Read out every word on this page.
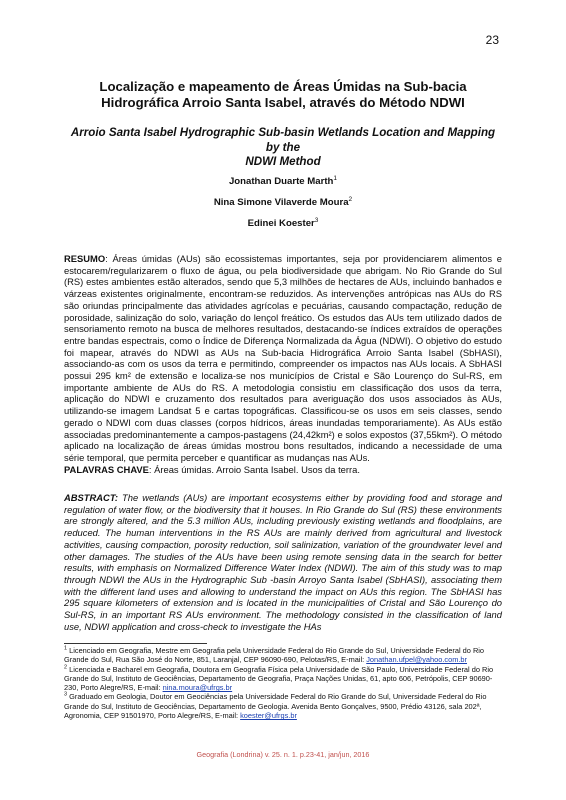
23
Localização e mapeamento de Áreas Úmidas na Sub-bacia
Hidrográfica Arroio Santa Isabel, através do Método NDWI
Arroio Santa Isabel Hydrographic Sub-basin Wetlands Location and Mapping by the
NDWI Method
Jonathan Duarte Marth$^1$
Nina Simone Vilaverde Moura$^2$
Edinei Koester$^3$

RESUMO: Áreas úmidas (AUs) são ecossistemas importantes, seja por providenciarem alimentos e estocarem/regularizarem o fluxo de água, ou pela biodiversidade que abrigam. No Rio Grande do Sul (RS) estes ambientes estão alterados, sendo que 5,3 milhões de hectares de AUs, incluindo banhados e várzeas existentes originalmente, encontram-se reduzidos. As intervenções antrópicas nas AUs do RS são oriundas principalmente das atividades agrícolas e pecuárias, causando compactação, redução de porosidade, salinização do solo, variação do lençol freático. Os estudos das AUs tem utilizado dados de sensoriamento remoto na busca de melhores resultados, destacando-se índices extraídos de operações entre bandas espectrais, como o Índice de Diferença Normalizada da Água (NDWI). O objetivo do estudo foi mapear, através do NDWI as AUs na Sub-bacia Hidrográfica Arroio Santa Isabel (SbHASI), associando-as com os usos da terra e permitindo, compreender os impactos nas AUs locais. A SbHASI possui 295 km² de extensão e localiza-se nos municípios de Cristal e São Lourenço do Sul-RS, em importante ambiente de AUs do RS. A metodologia consistiu em classificação dos usos da terra, aplicação do NDWI e cruzamento dos resultados para averiguação dos usos associados às AUs, utilizando-se imagem Landsat 5 e cartas topográficas. Classificou-se os usos em seis classes, sendo gerado o NDWI com duas classes (corpos hídricos, áreas inundadas temporariamente). As AUs estão associadas predominantemente a campos-pastagens (24,42km²) e solos expostos (37,55km²). O método aplicado na localização de áreas úmidas mostrou bons resultados, indicando a necessidade de uma série temporal, que permita perceber e quantificar as mudanças nas AUs.

PALAVRAS CHAVE: Áreas úmidas. Arroio Santa Isabel. Usos da terra.

ABSTRACT: The wetlands (AUs) are important ecosystems either by providing food and storage and regulation of water flow, or the biodiversity that it houses. In Rio Grande do Sul (RS) these environments are strongly altered, and the 5.3 million AUs, including previously existing wetlands and floodplains, are reduced. The human interventions in the RS AUs are mainly derived from agricultural and livestock activities, causing compaction, porosity reduction, soil salinization, variation of the groundwater level and other damages. The studies of the AUs have been using remote sensing data in the search for better results, with emphasis on Normalized Difference Water Index (NDWI). The aim of this study was to map through NDWI the AUs in the Hydrographic Sub -basin Arroyo Santa Isabel (SbHASI), associating them with the different land uses and allowing to understand the impact on AUs this region. The SbHASI has 295 square kilometers of extension and is located in the municipalities of Cristal and São Lourenço do Sul-RS, in an important RS AUs environment. The methodology consisted in the classification of land use, NDWI application and cross-check to investigate the HAs

$^1$ Licenciado em Geografia, Mestre em Geografia pela Universidade Federal do Rio Grande do Sul, Universidade Federal do Rio Grande do Sul, Rua São José do Norte, 851, Laranjal, CEP 96090-690, Pelotas/RS, E-mail: Jonathan.ufpel@yahoo.com.br

$^2$ Licenciada e Bacharel em Geografia, Doutora em Geografia Física pela Universidade de São Paulo, Universidade Federal do Rio Grande do Sul, Instituto de Geociências, Departamento de Geografia, Praça Nações Unidas, 61, apto 606, Petrópolis, CEP 90690-230, Porto Alegre/RS, E-mail: nina.moura@ufrgs.br

$^3$ Graduado em Geologia, Doutor em Geociências pela Universidade Federal do Rio Grande do Sul, Universidade Federal do Rio Grande do Sul, Instituto de Geociências, Departamento de Geologia. Avenida Bento Gonçalves, 9500, Prédio 43126, sala 202ª, Agronomia, CEP 91501970, Porto Alegre/RS, E-mail: koester@ufrgs.br

Geografia (Londrina) v. 25. n. 1. p.23-41, jan/jun, 2016
